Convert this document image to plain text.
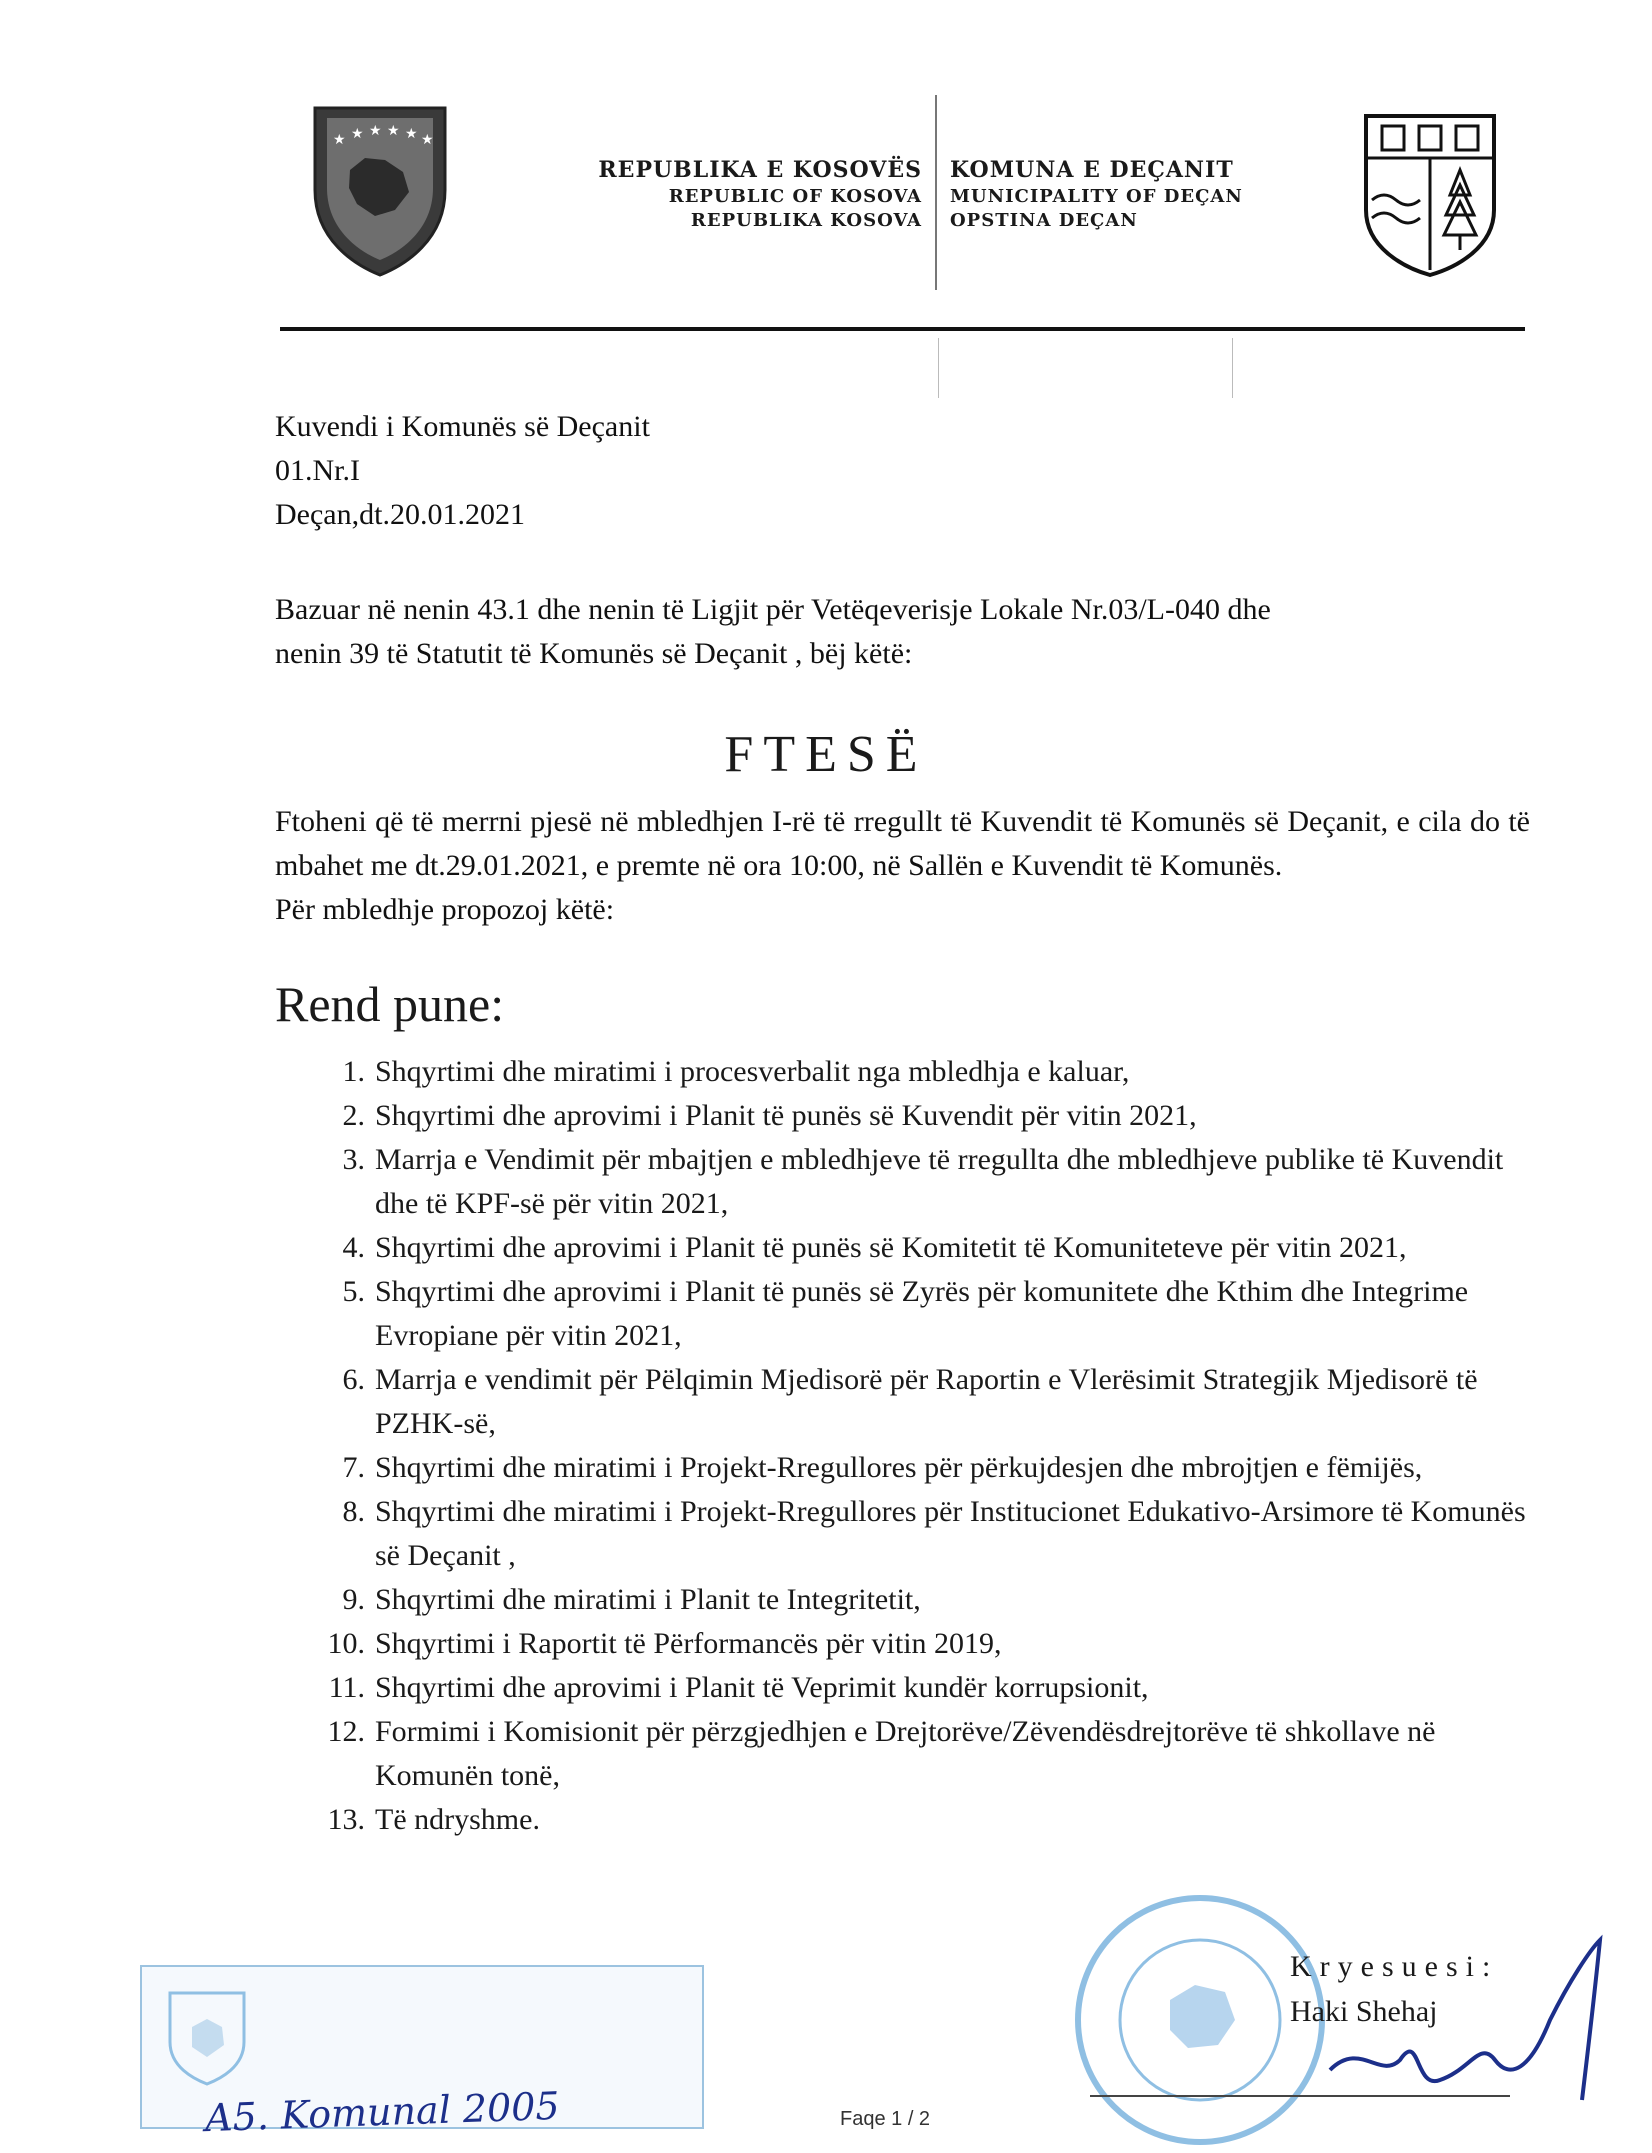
★ ★ ★ ★ ★ ★
REPUBLIKA E KOSOVËS
REPUBLIC OF KOSOVA
REPUBLIKA KOSOVA
KOMUNA E DEÇANIT
MUNICIPALITY OF DEÇAN
OPSTINA DEÇAN
Kuvendi i Komunës së Deçanit
01.Nr.I
Deçan,dt.20.01.2021
Bazuar në nenin 43.1 dhe nenin të Ligjit për Vetëqeverisje Lokale Nr.03/L-040 dhe
nenin 39 të Statutit të Komunës së Deçanit , bëj këtë:
FTESË
Ftoheni që të merrni pjesë në mbledhjen I-rë të rregullt të Kuvendit të Komunës së Deçanit, e cila do të mbahet me dt.29.01.2021, e premte në ora 10:00, në Sallën e Kuvendit të Komunës.
Për mbledhje propozoj këtë:
Rend pune:
1. Shqyrtimi dhe miratimi i procesverbalit nga mbledhja e kaluar,
2. Shqyrtimi dhe aprovimi i Planit të punës së Kuvendit për vitin 2021,
3. Marrja e Vendimit për mbajtjen e mbledhjeve të rregullta dhe mbledhjeve publike të Kuvendit dhe të KPF-së për vitin 2021,
4. Shqyrtimi dhe aprovimi i Planit të punës së Komitetit të Komuniteteve për vitin 2021,
5. Shqyrtimi dhe aprovimi i Planit të punës së Zyrës për komunitete dhe Kthim dhe Integrime Evropiane për vitin 2021,
6. Marrja e vendimit për Pëlqimin Mjedisorë për Raportin e Vlerësimit Strategjik Mjedisorë të PZHK-së,
7. Shqyrtimi dhe miratimi i Projekt-Rregullores për përkujdesjen dhe mbrojtjen e fëmijës,
8. Shqyrtimi dhe miratimi i Projekt-Rregullores për Institucionet Edukativo-Arsimore të Komunës së Deçanit ,
9. Shqyrtimi dhe miratimi i Planit te Integritetit,
10. Shqyrtimi i Raportit të Përformancës për vitin 2019,
11. Shqyrtimi dhe aprovimi i Planit të Veprimit kundër korrupsionit,
12. Formimi i Komisionit për përzgjedhjen e Drejtorëve/Zëvendësdrejtorëve të shkollave në Komunën tonë,
13. Të ndryshme.
Kryesuesi:
Haki Shehaj
Faqe 1 / 2
A5. Komunal 2005
